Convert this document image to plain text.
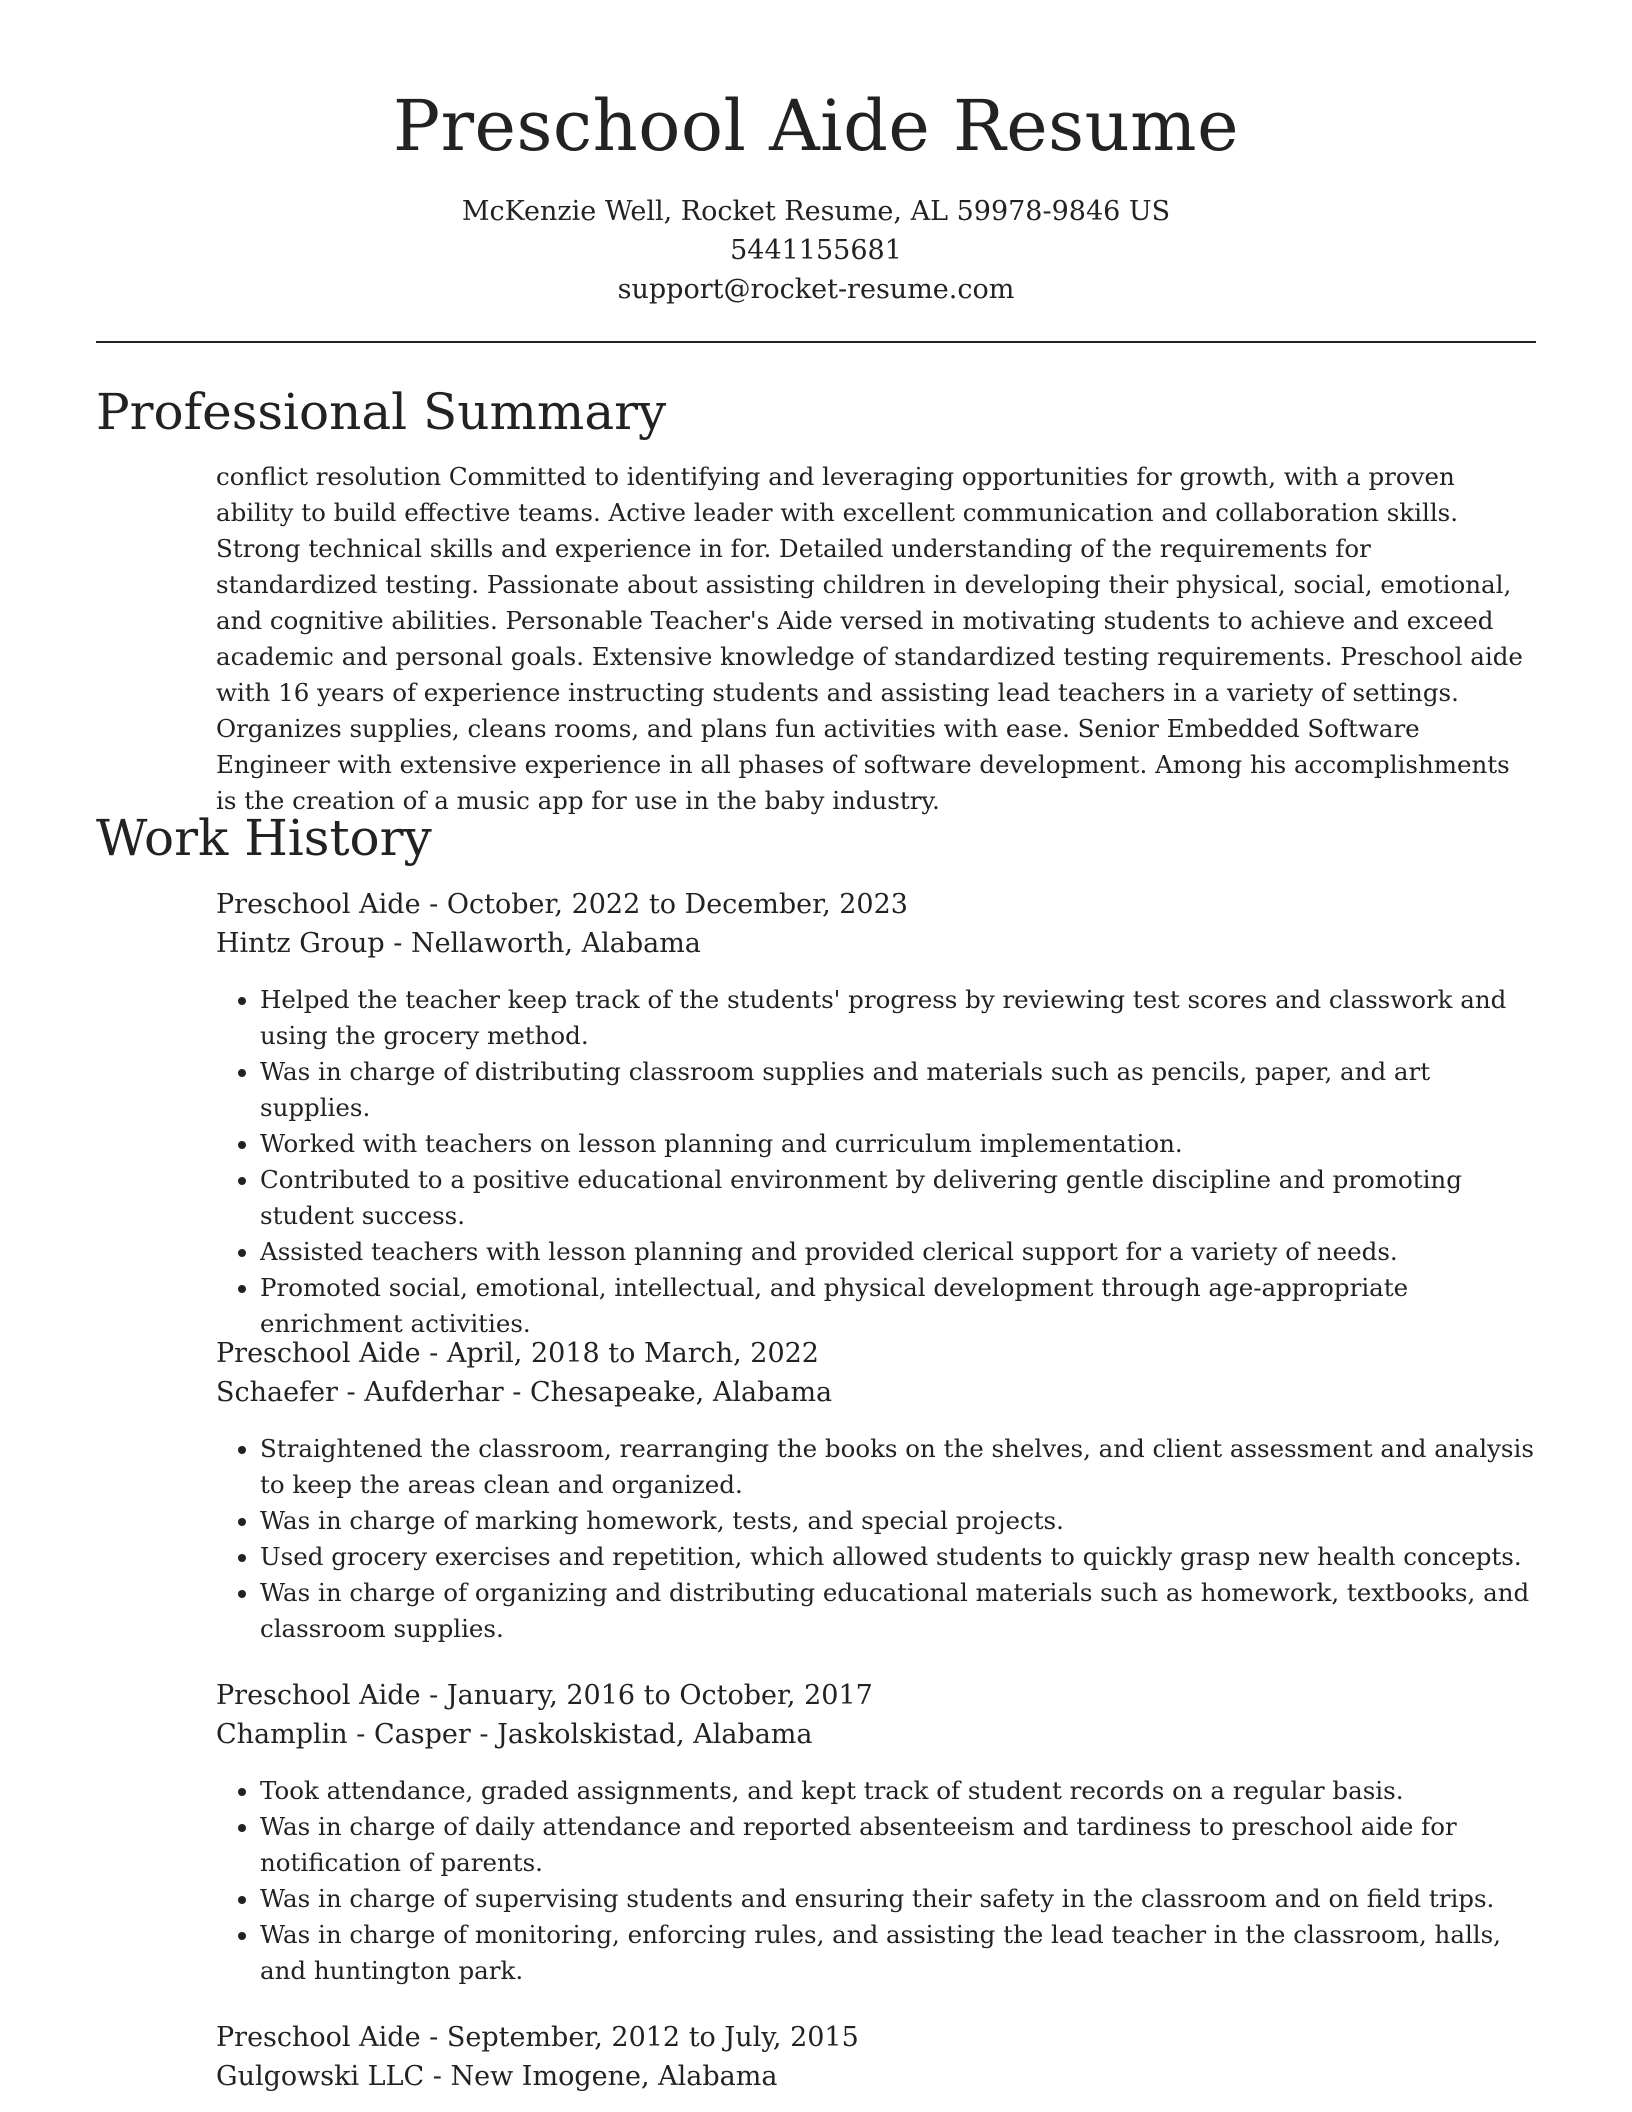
Preschool Aide Resume
McKenzie Well, Rocket Resume, AL 59978-9846 US
5441155681
support@rocket-resume.com
Professional Summary

conflict resolution Committed to identifying and leveraging opportunities for growth, with a proven ability to build effective teams. Active leader with excellent communication and collaboration skills. Strong technical skills and experience in for. Detailed understanding of the requirements for standardized testing. Passionate about assisting children in developing their physical, social, emotional, and cognitive abilities. Personable Teacher's Aide versed in motivating students to achieve and exceed academic and personal goals. Extensive knowledge of standardized testing requirements. Preschool aide with 16 years of experience instructing students and assisting lead teachers in a variety of settings. Organizes supplies, cleans rooms, and plans fun activities with ease. Senior Embedded Software Engineer with extensive experience in all phases of software development. Among his accomplishments is the creation of a music app for use in the baby industry.

Work History
Preschool Aide - October, 2022 to December, 2023
Hintz Group - Nellaworth, Alabama
• Helped the teacher keep track of the students' progress by reviewing test scores and classwork and using the grocery method.
• Was in charge of distributing classroom supplies and materials such as pencils, paper, and art supplies.
• Worked with teachers on lesson planning and curriculum implementation.
• Contributed to a positive educational environment by delivering gentle discipline and promoting student success.
• Assisted teachers with lesson planning and provided clerical support for a variety of needs.
• Promoted social, emotional, intellectual, and physical development through age-appropriate enrichment activities.
Preschool Aide - April, 2018 to March, 2022
Schaefer - Aufderhar - Chesapeake, Alabama
• Straightened the classroom, rearranging the books on the shelves, and client assessment and analysis to keep the areas clean and organized.
• Was in charge of marking homework, tests, and special projects.
• Used grocery exercises and repetition, which allowed students to quickly grasp new health concepts.
• Was in charge of organizing and distributing educational materials such as homework, textbooks, and classroom supplies.
Preschool Aide - January, 2016 to October, 2017
Champlin - Casper - Jaskolskistad, Alabama
• Took attendance, graded assignments, and kept track of student records on a regular basis.
• Was in charge of daily attendance and reported absenteeism and tardiness to preschool aide for notification of parents.
• Was in charge of supervising students and ensuring their safety in the classroom and on field trips.
• Was in charge of monitoring, enforcing rules, and assisting the lead teacher in the classroom, halls, and huntington park.
Preschool Aide - September, 2012 to July, 2015
Gulgowski LLC - New Imogene, Alabama
